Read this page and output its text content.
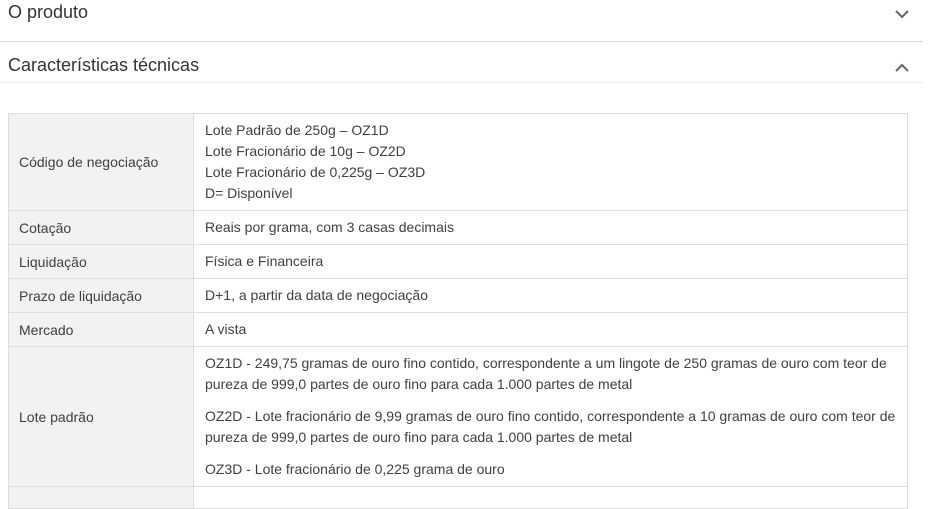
O produto
Características técnicas
Código de negociação	Lote Padrão de 250g – OZ1D
Lote Fracionário de 10g – OZ2D
Lote Fracionário de 0,225g – OZ3D
D= Disponível

Cotação	Reais por grama, com 3 casas decimais

Liquidação	Física e Financeira

Prazo de liquidação	D+1, a partir da data de negociação

Mercado	A vista

Lote padrão	OZ1D - 249,75 gramas de ouro fino contido, correspondente a um lingote de 250 gramas de ouro com teor de pureza de 999,0 partes de ouro fino para cada 1.000 partes de metal
OZ2D - Lote fracionário de 9,99 gramas de ouro fino contido, correspondente a 10 gramas de ouro com teor de pureza de 999,0 partes de ouro fino para cada 1.000 partes de metal
OZ3D - Lote fracionário de 0,225 grama de ouro
